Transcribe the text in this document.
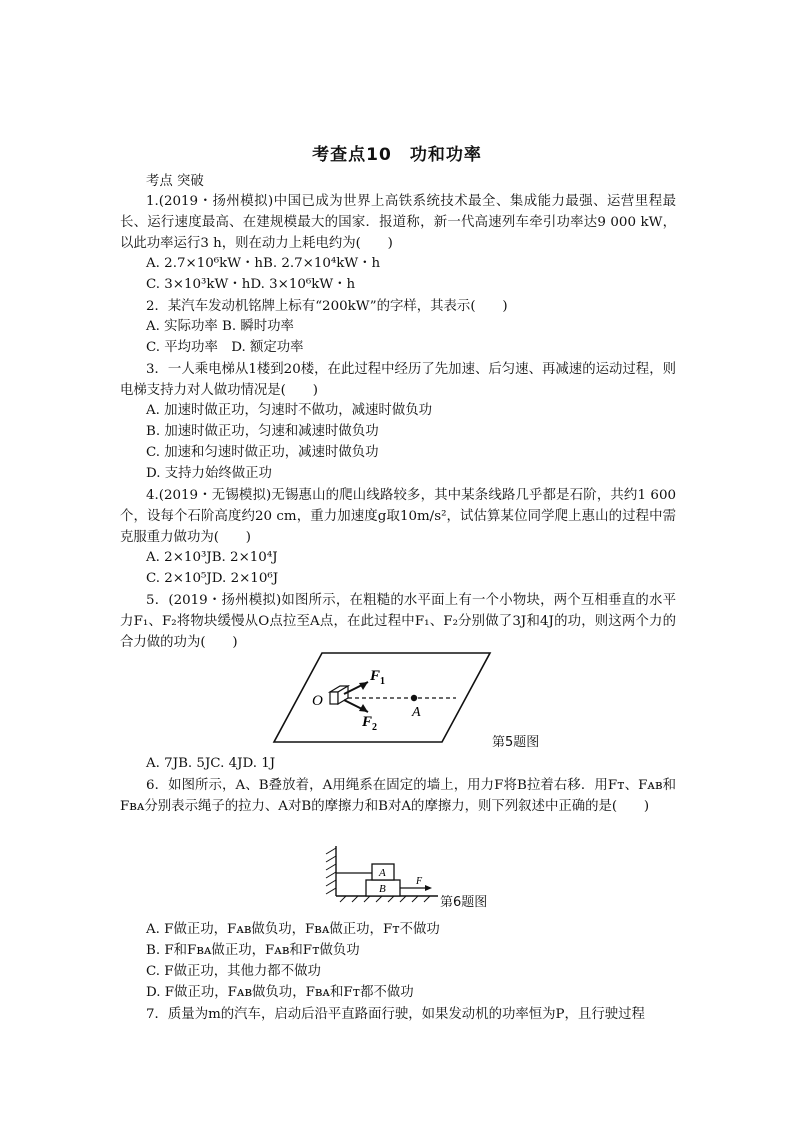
考查点10　功和功率
考点 突破
1.(2019・扬州模拟)中国已成为世界上高铁系统技术最全、集成能力最强、运营里程最长、运行速度最高、在建规模最大的国家．报道称，新一代高速列车牵引功率达9 000 kW，以此功率运行3 h，则在动力上耗电约为(　　)
A. 2.7×10⁶kW・hB. 2.7×10⁴kW・h
C. 3×10³kW・hD. 3×10⁶kW・h
2．某汽车发动机铭牌上标有“200kW”的字样，其表示(　　)
A. 实际功率 B. 瞬时功率
C. 平均功率　D. 额定功率
3．一人乘电梯从1楼到20楼，在此过程中经历了先加速、后匀速、再减速的运动过程，则电梯支持力对人做功情况是(　　)
A. 加速时做正功，匀速时不做功，减速时做负功
B. 加速时做正功，匀速和减速时做负功
C. 加速和匀速时做正功，减速时做负功
D. 支持力始终做正功
4.(2019・无锡模拟)无锡惠山的爬山线路较多，其中某条线路几乎都是石阶，共约1 600个，设每个石阶高度约20 cm，重力加速度g取10m/s²，试估算某位同学爬上惠山的过程中需克服重力做功为(　　)
A. 2×10³JB. 2×10⁴J
C. 2×10⁵JD. 2×10⁶J
5．(2019・扬州模拟)如图所示，在粗糙的水平面上有一个小物块，两个互相垂直的水平力F₁、F₂将物块缓慢从O点拉至A点，在此过程中F₁、F₂分别做了3J和4J的功，则这两个力的合力做的功为(　　)
O
A
F 1
F 2
第5题图
A. 7JB. 5JC. 4JD. 1J
6．如图所示，A、B叠放着，A用绳系在固定的墙上，用力F将B拉着右移．用Fᴛ、Fᴀʙ和Fʙᴀ分别表示绳子的拉力、A对B的摩擦力和B对A的摩擦力，则下列叙述中正确的是(　　)
A
B
F
第6题图
A. F做正功，Fᴀʙ做负功，Fʙᴀ做正功，Fᴛ不做功
B. F和Fʙᴀ做正功，Fᴀʙ和Fᴛ做负功
C. F做正功，其他力都不做功
D. F做正功，Fᴀʙ做负功，Fʙᴀ和Fᴛ都不做功
7．质量为m的汽车，启动后沿平直路面行驶，如果发动机的功率恒为P，且行驶过程
